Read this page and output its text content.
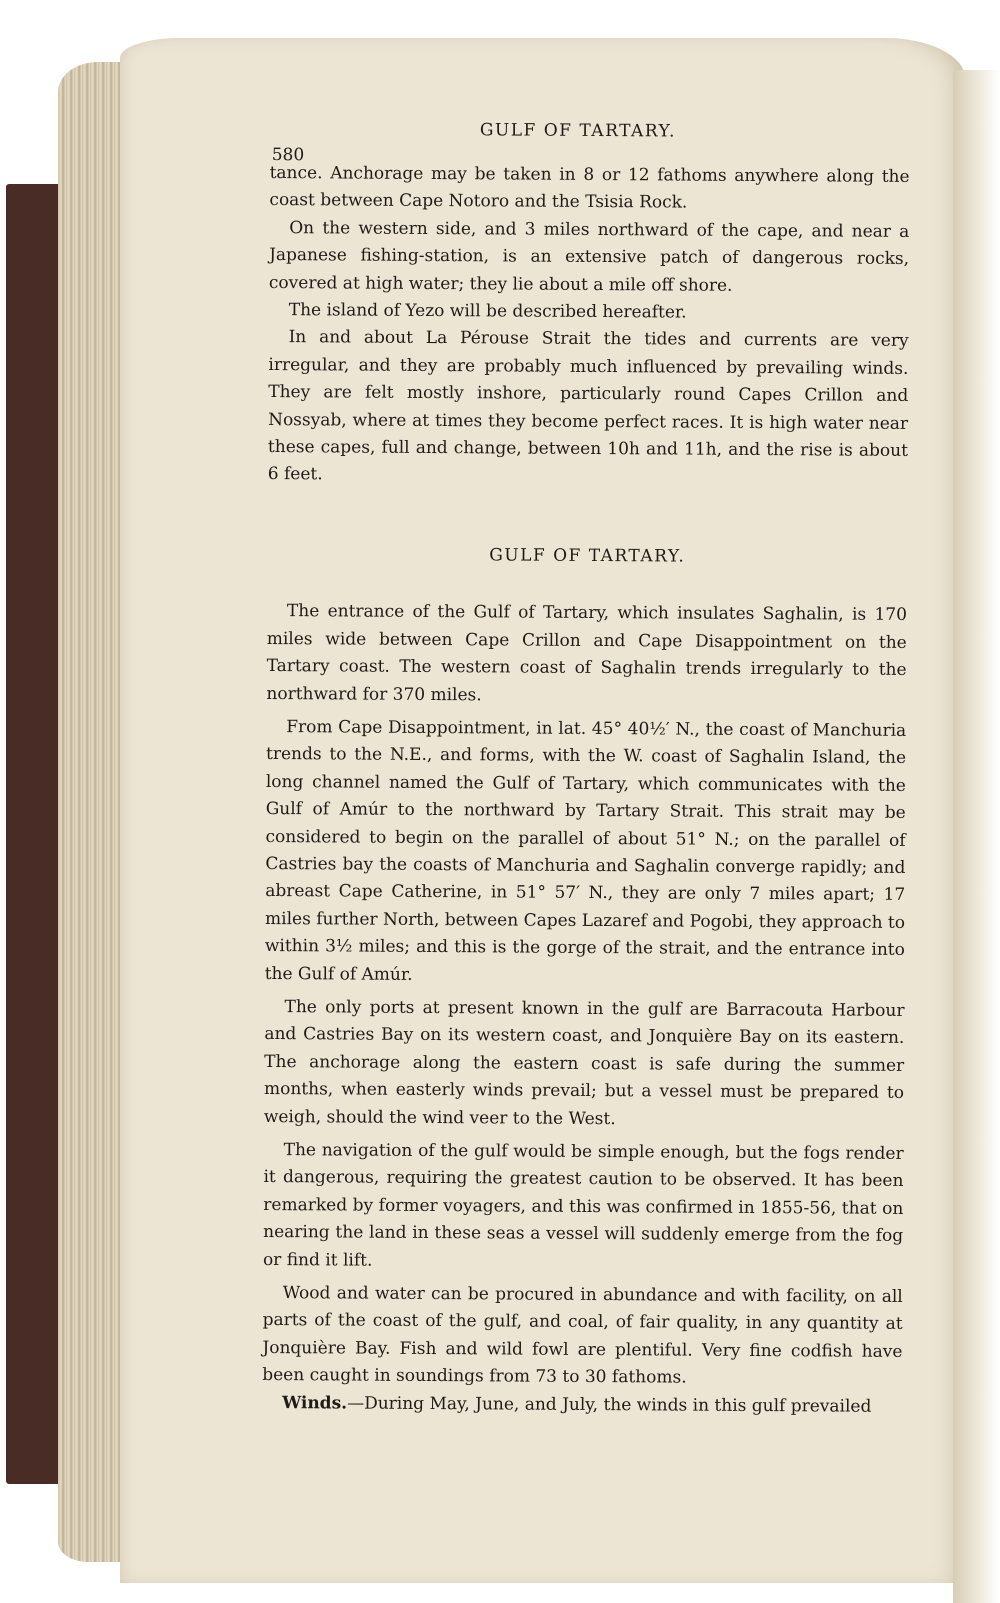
580
GULF OF TARTARY.

tance. Anchorage may be taken in 8 or 12 fathoms anywhere along the coast between Cape Notoro and the Tsisia Rock.

On the western side, and 3 miles northward of the cape, and near a Japanese fishing-station, is an extensive patch of dangerous rocks, covered at high water; they lie about a mile off shore.

The island of Yezo will be described hereafter.

In and about La Pérouse Strait the tides and currents are very irregular, and they are probably much influenced by prevailing winds. They are felt mostly inshore, particularly round Capes Crillon and Nossyab, where at times they become perfect races. It is high water near these capes, full and change, between 10h and 11h, and the rise is about 6 feet.

GULF OF TARTARY.

The entrance of the Gulf of Tartary, which insulates Saghalin, is 170 miles wide between Cape Crillon and Cape Disappointment on the Tartary coast. The western coast of Saghalin trends irregularly to the northward for 370 miles.

From Cape Disappointment, in lat. 45° 40½′ N., the coast of Manchuria trends to the N.E., and forms, with the W. coast of Saghalin Island, the long channel named the Gulf of Tartary, which communicates with the Gulf of Amúr to the northward by Tartary Strait. This strait may be considered to begin on the parallel of about 51° N.; on the parallel of Castries bay the coasts of Manchuria and Saghalin converge rapidly; and abreast Cape Catherine, in 51° 57′ N., they are only 7 miles apart; 17 miles further North, between Capes Lazaref and Pogobi, they approach to within 3½ miles; and this is the gorge of the strait, and the entrance into the Gulf of Amúr.

The only ports at present known in the gulf are Barracouta Harbour and Castries Bay on its western coast, and Jonquière Bay on its eastern. The anchorage along the eastern coast is safe during the summer months, when easterly winds prevail; but a vessel must be prepared to weigh, should the wind veer to the West.

The navigation of the gulf would be simple enough, but the fogs render it dangerous, requiring the greatest caution to be observed. It has been remarked by former voyagers, and this was confirmed in 1855-56, that on nearing the land in these seas a vessel will suddenly emerge from the fog or find it lift.

Wood and water can be procured in abundance and with facility, on all parts of the coast of the gulf, and coal, of fair quality, in any quantity at Jonquière Bay. Fish and wild fowl are plentiful. Very fine codfish have been caught in soundings from 73 to 30 fathoms.

Winds.—During May, June, and July, the winds in this gulf prevailed
